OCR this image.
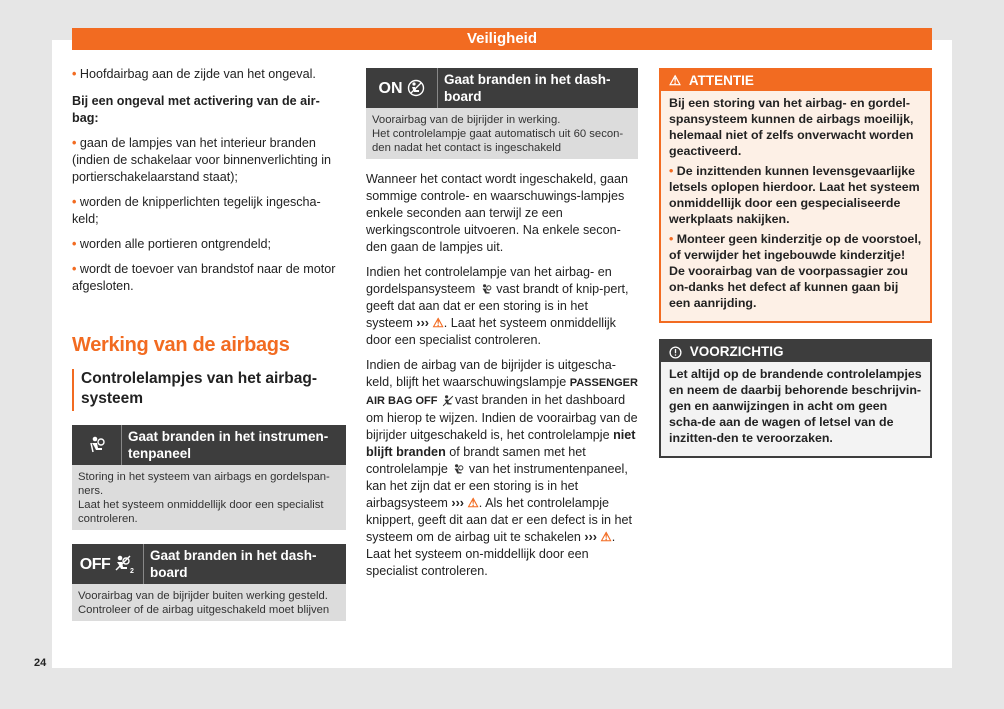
Veiligheid

• Hoofdairbag aan de zijde van het ongeval.

Bij een ongeval met activering van de air-bag:

• gaan de lampjes van het interieur branden (indien de schakelaar voor binnenverlichting in portierschakelaarstand staat);

• worden de knipperlichten tegelijk ingescha-keld;

• worden alle portieren ontgrendeld;

• wordt de toevoer van brandstof naar de motor afgesloten.

Werking van de airbags
Controlelampjes van het airbag-systeem
Gaat branden in het instrumen-tenpaneel
Storing in het systeem van airbags en gordelspan-ners.
Laat het systeem onmiddellijk door een specialist controleren.
OFF	2
Gaat branden in het dash-board
Voorairbag van de bijrijder buiten werking gesteld.
Controleer of de airbag uitgeschakeld moet blijven
ON	Gaat branden in het dash-board
Voorairbag van de bijrijder in werking.
Het controlelampje gaat automatisch uit 60 secon-den nadat het contact is ingeschakeld

Wanneer het contact wordt ingeschakeld, gaan sommige controle- en waarschuwings-lampjes enkele seconden aan terwijl ze een werkingscontrole uitvoeren. Na enkele secon-den gaan de lampjes uit.

Indien het controlelampje van het airbag- en gordelspansysteem vast brandt of knip-pert, geeft dat aan dat er een storing is in het systeem ››› ⚠. Laat het systeem onmiddellijk door een specialist controleren.

Indien de airbag van de bijrijder is uitgescha-keld, blijft het waarschuwingslampje PASSENGER AIR BAG OFF vast branden in het dashboard om hierop te wijzen. Indien de voorairbag van de bijrijder uitgeschakeld is, het controlelampje niet blijft branden of brandt samen met het controlelampje van het instrumentenpaneel, kan het zijn dat er een storing is in het airbagsysteem ››› ⚠. Als het controlelampje knippert, geeft dit aan dat er een defect is in het systeem om de airbag uit te schakelen ››› ⚠. Laat het systeem on-middellijk door een specialist controleren.

⚠ ATTENTIE

Bij een storing van het airbag- en gordel-spansysteem kunnen de airbags moeilijk, helemaal niet of zelfs onverwacht worden geactiveerd.

• De inzittenden kunnen levensgevaarlijke letsels oplopen hierdoor. Laat het systeem onmiddellijk door een gespecialiseerde werkplaats nakijken.

• Monteer geen kinderzitje op de voorstoel, of verwijder het ingebouwde kinderzitje! De voorairbag van de voorpassagier zou on-danks het defect af kunnen gaan bij een aanrijding.

VOORZICHTIG

Let altijd op de brandende controlelampjes en neem de daarbij behorende beschrijvin-gen en aanwijzingen in acht om geen scha-de aan de wagen of letsel van de inzitten-den te veroorzaken.

24
